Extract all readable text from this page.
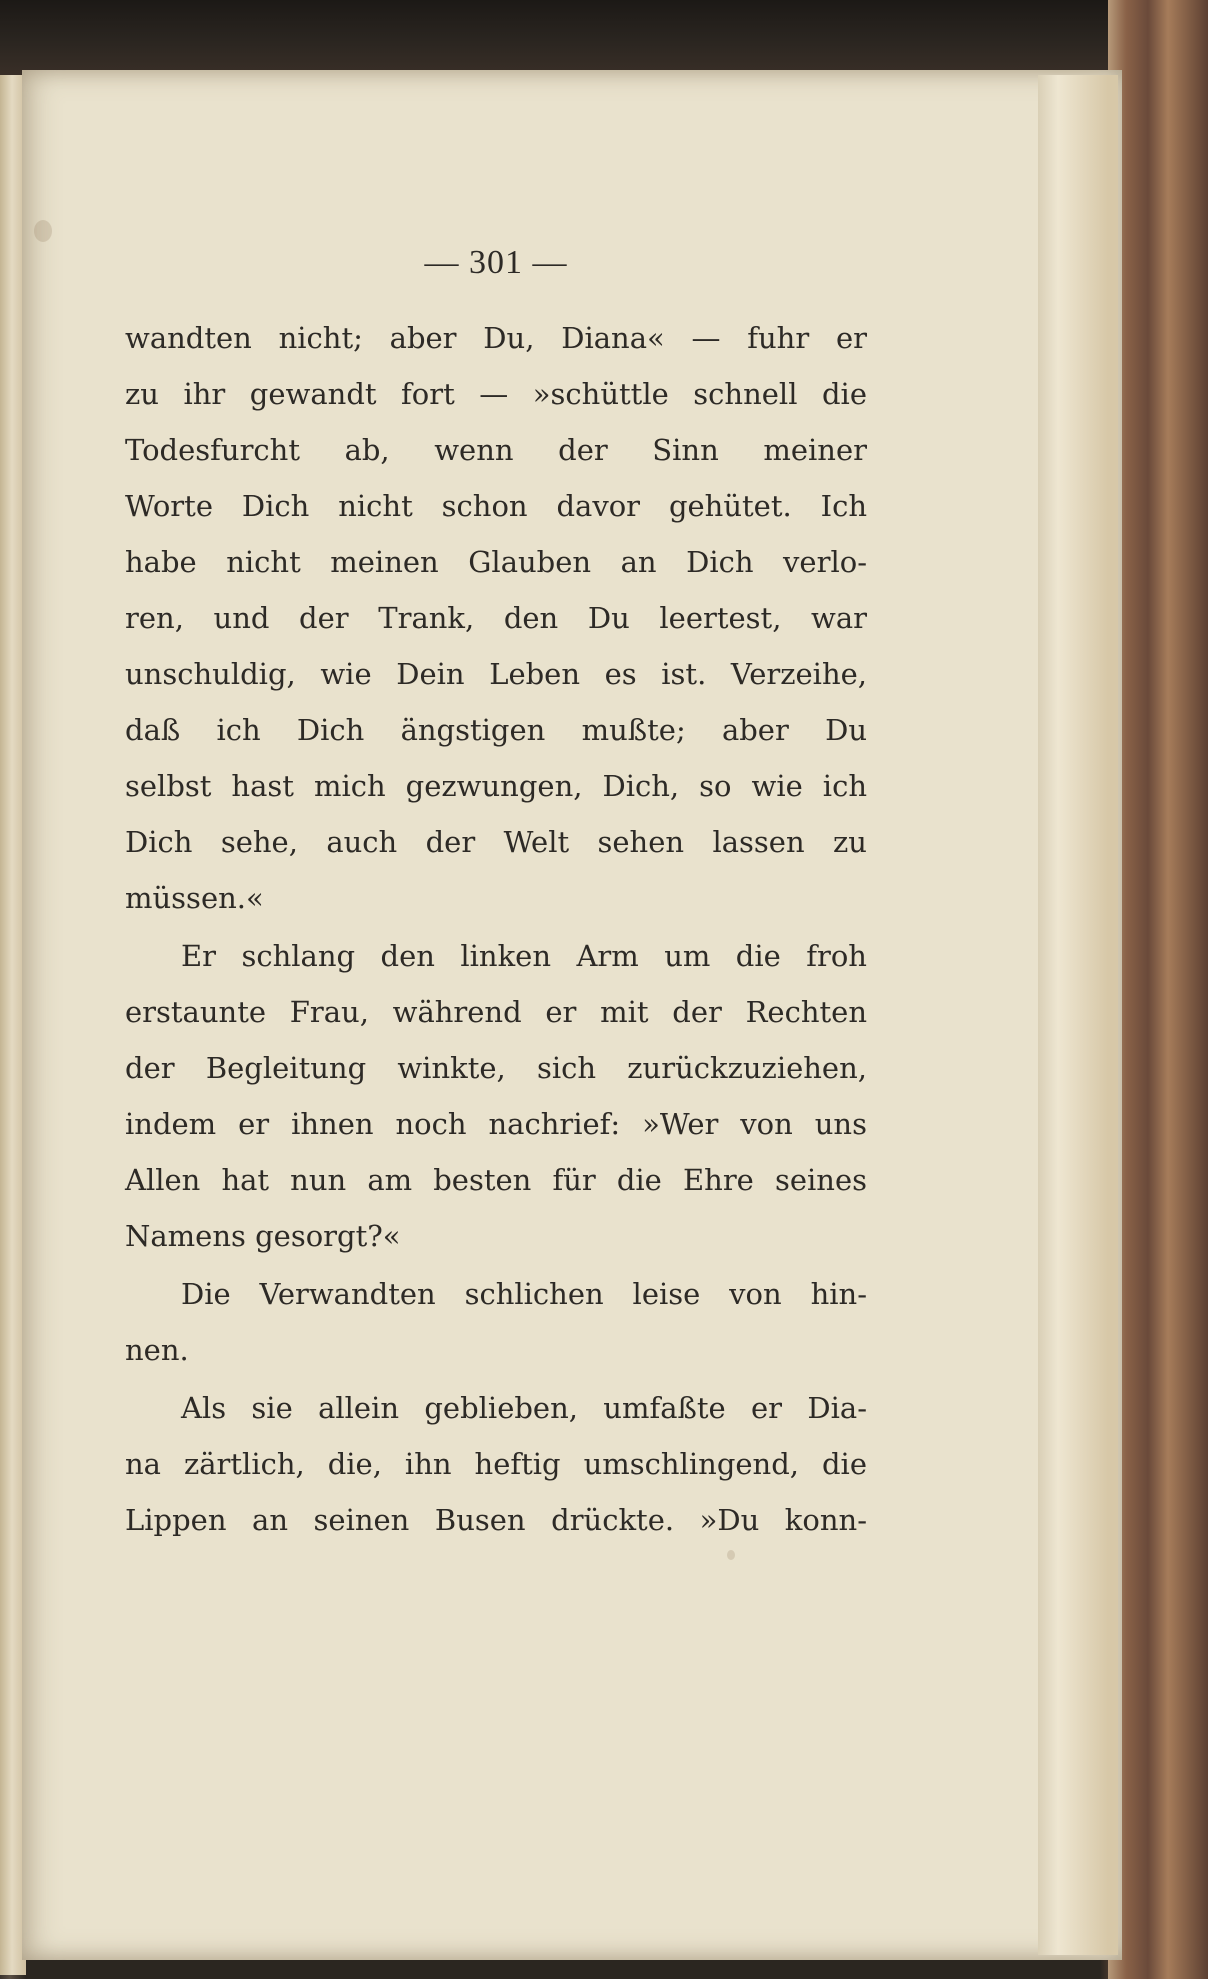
— 301 —
wandten nicht; aber Du, Diana« — fuhr er
zu ihr gewandt fort — »schüttle schnell die
Todesfurcht ab, wenn der Sinn meiner
Worte Dich nicht schon davor gehütet. Ich
habe nicht meinen Glauben an Dich verlo-
ren, und der Trank, den Du leertest, war
unschuldig, wie Dein Leben es ist. Verzeihe,
daß ich Dich ängstigen mußte; aber Du
selbst hast mich gezwungen, Dich, so wie ich
Dich sehe, auch der Welt sehen lassen zu
müssen.«
Er schlang den linken Arm um die froh
erstaunte Frau, während er mit der Rechten
der Begleitung winkte, sich zurückzuziehen,
indem er ihnen noch nachrief: »Wer von uns
Allen hat nun am besten für die Ehre seines
Namens gesorgt?«
Die Verwandten schlichen leise von hin-
nen.
Als sie allein geblieben, umfaßte er Dia-
na zärtlich, die, ihn heftig umschlingend, die
Lippen an seinen Busen drückte. »Du konn-
